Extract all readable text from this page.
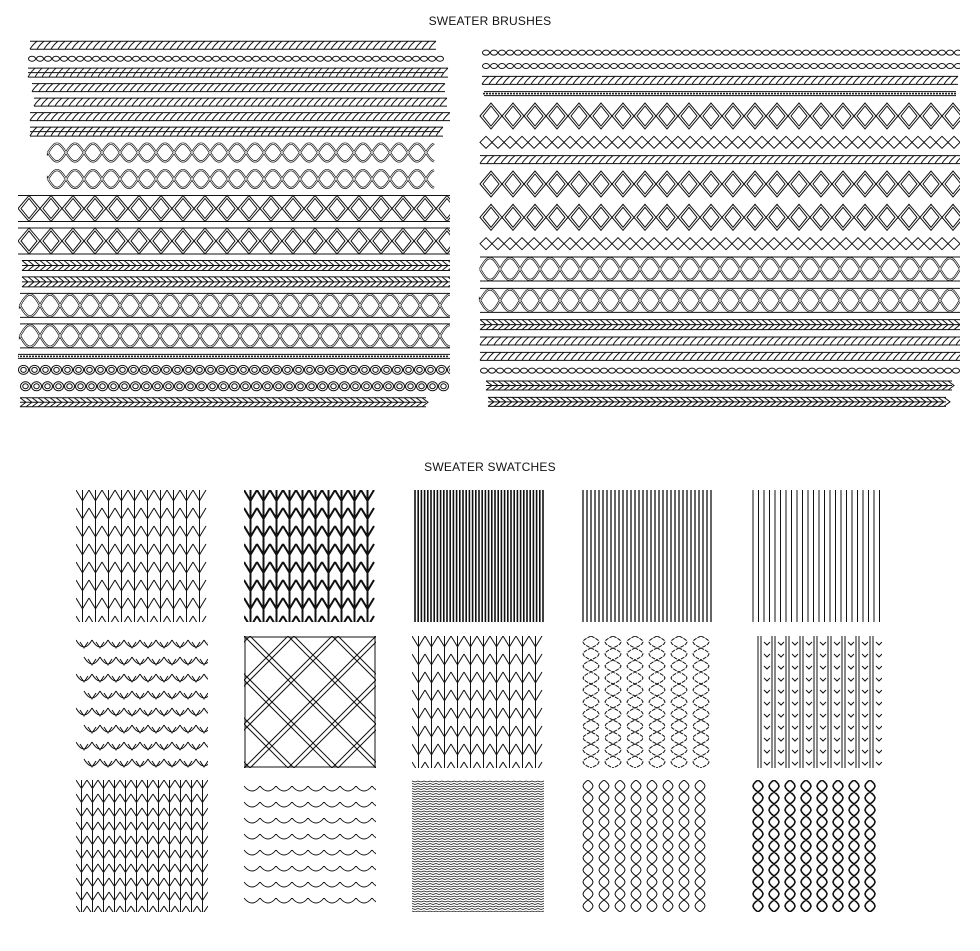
SWEATER BRUSHES
SWEATER SWATCHES
